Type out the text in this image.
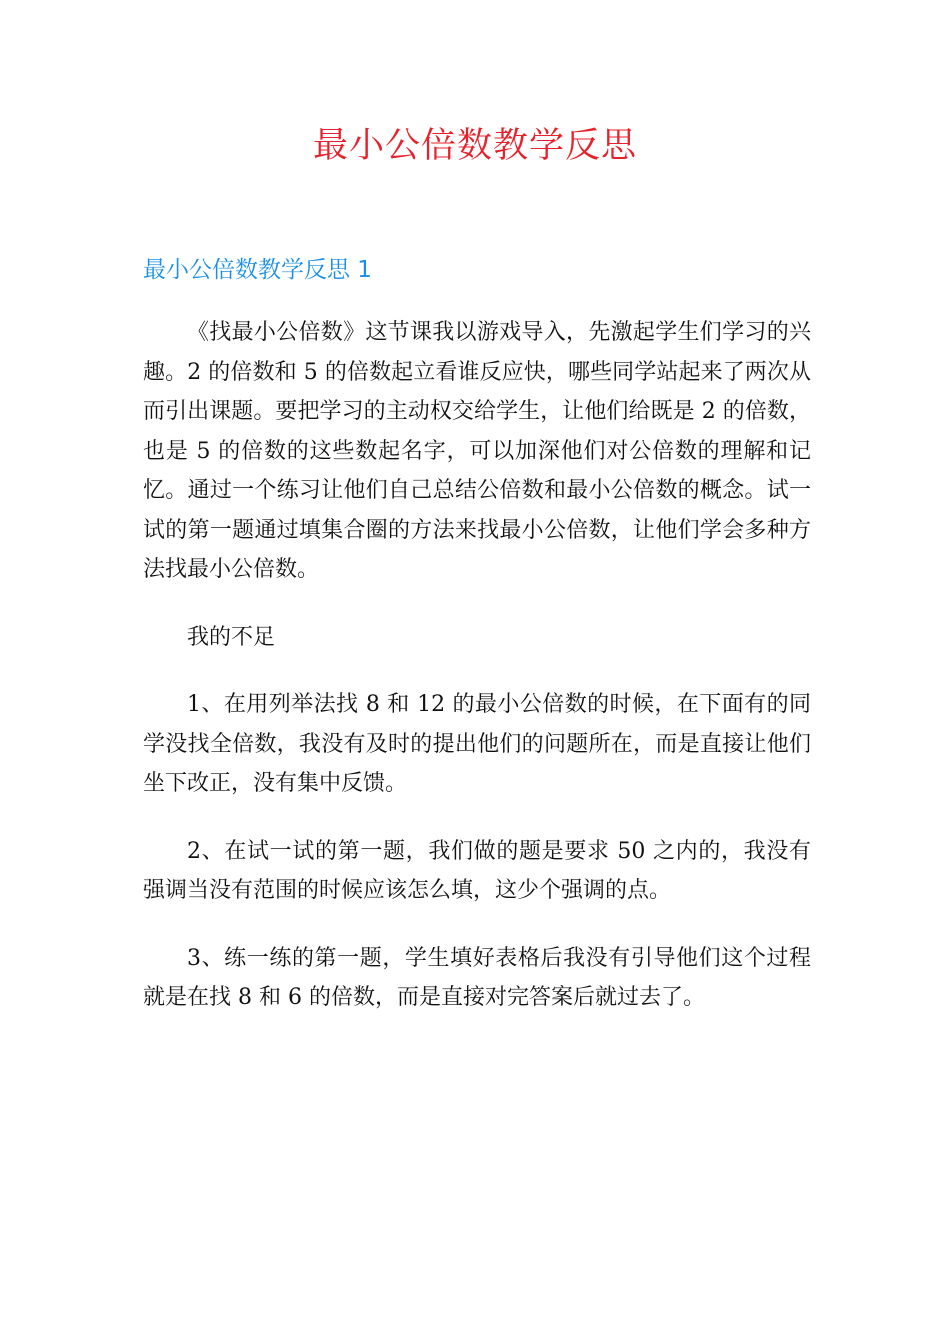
最小公倍数教学反思
最小公倍数教学反思 1

《找最小公倍数》这节课我以游戏导入，先激起学生们学习的兴趣。2 的倍数和 5 的倍数起立看谁反应快，哪些同学站起来了两次从而引出课题。要把学习的主动权交给学生，让他们给既是 2 的倍数，也是 5 的倍数的这些数起名字，可以加深他们对公倍数的理解和记忆。通过一个练习让他们自己总结公倍数和最小公倍数的概念。试一试的第一题通过填集合圈的方法来找最小公倍数，让他们学会多种方法找最小公倍数。

我的不足

1、在用列举法找 8 和 12 的最小公倍数的时候，在下面有的同学没找全倍数，我没有及时的提出他们的问题所在，而是直接让他们坐下改正，没有集中反馈。

2、在试一试的第一题，我们做的题是要求 50 之内的，我没有强调当没有范围的时候应该怎么填，这少个强调的点。

3、练一练的第一题，学生填好表格后我没有引导他们这个过程就是在找 8 和 6 的倍数，而是直接对完答案后就过去了。
